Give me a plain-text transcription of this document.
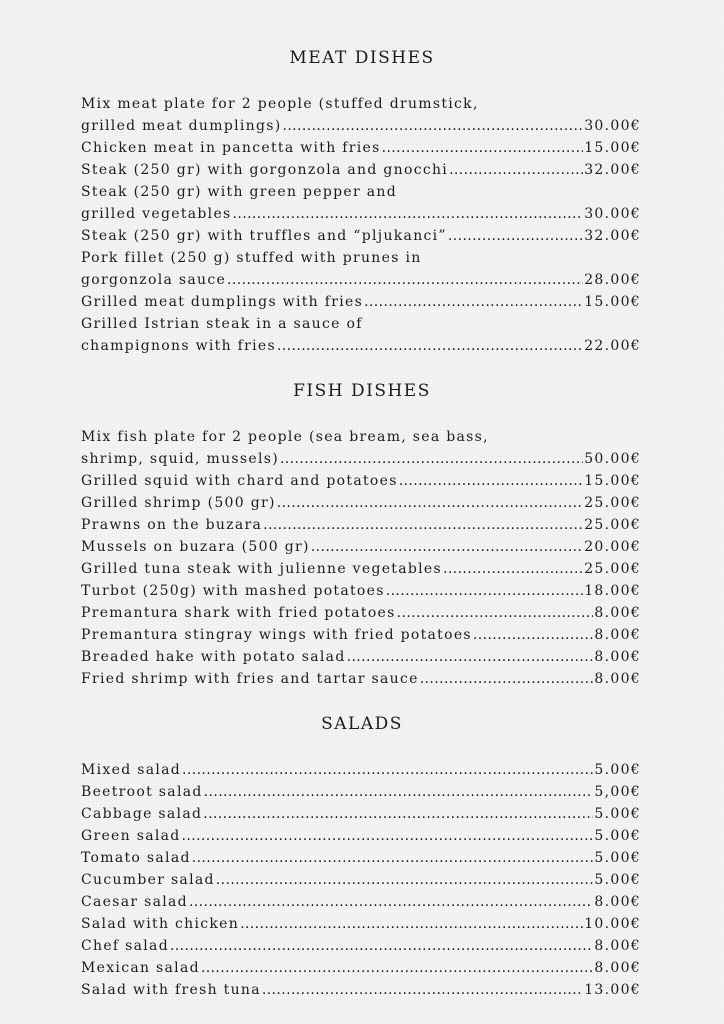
MEAT DISHES
Mix meat plate for 2 people (stuffed drumstick,
grilled meat dumplings) .....	30.00€
Chicken meat in pancetta with fries .....	15.00€
Steak (250 gr) with gorgonzola and gnocchi .....	32.00€
Steak (250 gr) with green pepper and
grilled vegetables .....	30.00€
Steak (250 gr) with truffles and “pljukanci” .....	32.00€
Pork fillet (250 g) stuffed with prunes in
gorgonzola sauce .....	28.00€
Grilled meat dumplings with fries .....	15.00€
Grilled Istrian steak in a sauce of
champignons with fries .....	22.00€
FISH DISHES
Mix fish plate for 2 people (sea bream, sea bass,
shrimp, squid, mussels) .....	50.00€
Grilled squid with chard and potatoes .....	15.00€
Grilled shrimp (500 gr) .....	25.00€
Prawns on the buzara .....	25.00€
Mussels on buzara (500 gr) .....	20.00€
Grilled tuna steak with julienne vegetables .....	25.00€
Turbot (250g) with mashed potatoes .....	18.00€
Premantura shark with fried potatoes .....	8.00€
Premantura stingray wings with fried potatoes .....	8.00€
Breaded hake with potato salad .....	8.00€
Fried shrimp with fries and tartar sauce .....	8.00€
SALADS
Mixed salad .....	5.00€
Beetroot salad .....	5,00€
Cabbage salad .....	5.00€
Green salad .....	5.00€
Tomato salad .....	5.00€
Cucumber salad .....	5.00€
Caesar salad .....	8.00€
Salad with chicken .....	10.00€
Chef salad .....	8.00€
Mexican salad .....	8.00€
Salad with fresh tuna .....	13.00€
